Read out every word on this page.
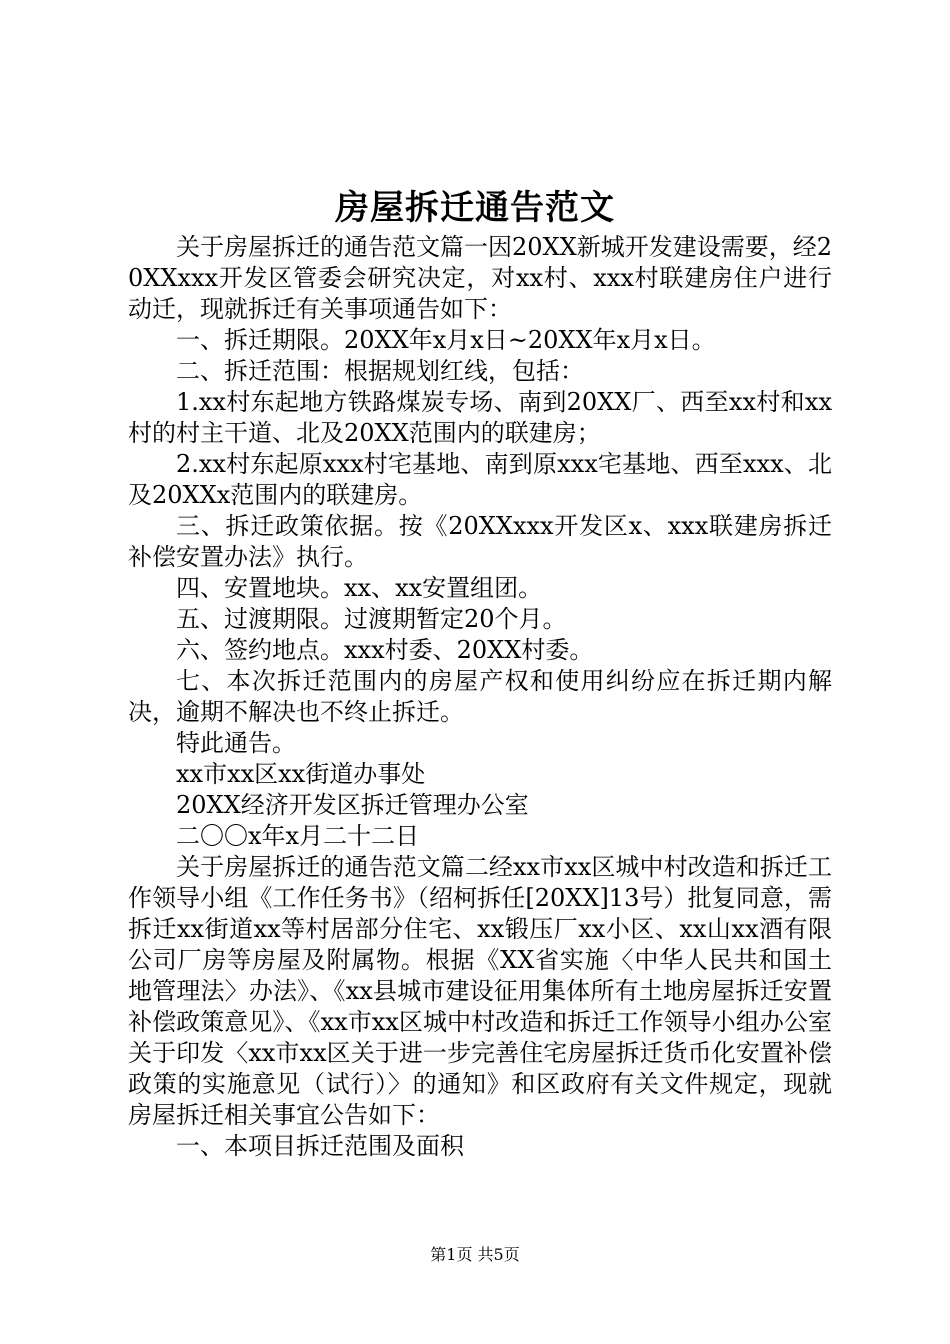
房屋拆迁通告范文

关于房屋拆迁的通告范文篇一因20XX新城开发建设需要，经20XXxxx开发区管委会研究决定，对xx村、xxx村联建房住户进行动迁，现就拆迁有关事项通告如下：

一、拆迁期限。20XX年x月x日~20XX年x月x日。

二、拆迁范围：根据规划红线，包括：

1.xx村东起地方铁路煤炭专场、南到20XX厂、西至xx村和xx村的村主干道、北及20XX范围内的联建房；

2.xx村东起原xxx村宅基地、南到原xxx宅基地、西至xxx、北及20XXx范围内的联建房。

三、拆迁政策依据。按《20XXxxx开发区x、xxx联建房拆迁补偿安置办法》执行。

四、安置地块。xx、xx安置组团。

五、过渡期限。过渡期暂定20个月。

六、签约地点。xxx村委、20XX村委。

七、本次拆迁范围内的房屋产权和使用纠纷应在拆迁期内解决，逾期不解决也不终止拆迁。

特此通告。

xx市xx区xx街道办事处

20XX经济开发区拆迁管理办公室

二〇〇x年x月二十二日

关于房屋拆迁的通告范文篇二经xx市xx区城中村改造和拆迁工作领导小组《工作任务书》（绍柯拆任[20XX]13号）批复同意，需拆迁xx街道xx等村居部分住宅、xx锻压厂xx小区、xx山xx酒有限公司厂房等房屋及附属物。根据《XX省实施〈中华人民共和国土地管理法〉办法》、《xx县城市建设征用集体所有土地房屋拆迁安置补偿政策意见》、《xx市xx区城中村改造和拆迁工作领导小组办公室关于印发〈xx市xx区关于进一步完善住宅房屋拆迁货币化安置补偿政策的实施意见（试行）〉的通知》和区政府有关文件规定，现就房屋拆迁相关事宜公告如下：

一、本项目拆迁范围及面积

第1页 共5页
